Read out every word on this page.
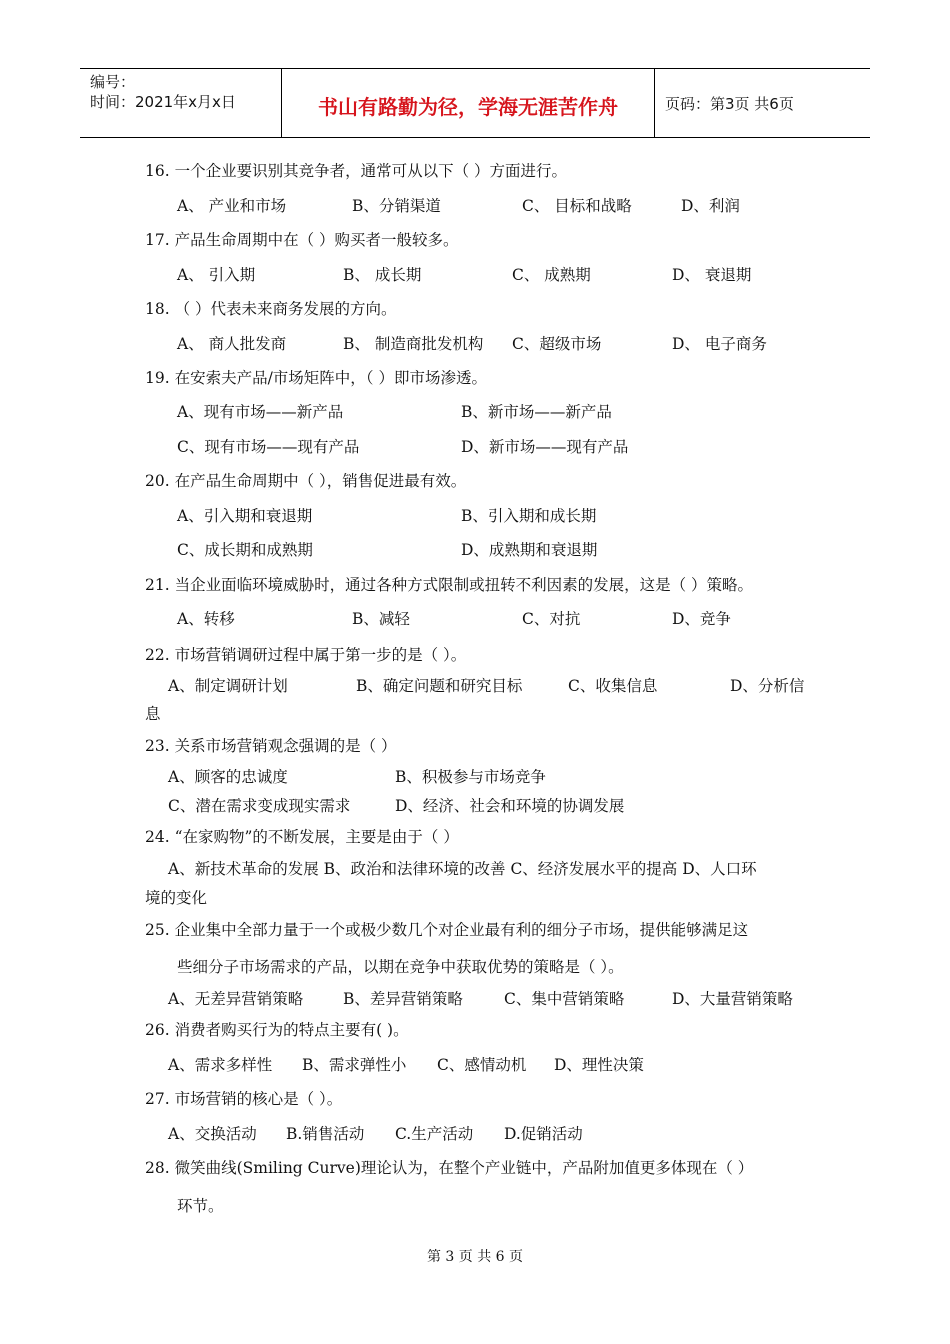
编号：
时间：2021年x月x日	书山有路勤为径，学海无涯苦作舟	页码：第3页 共6页
16. 一个企业要识别其竞争者，通常可从以下（ ）方面进行。
A、 产业和市场	B、分销渠道	C、 目标和战略	D、利润
17. 产品生命周期中在（ ）购买者一般较多。
A、 引入期	B、 成长期	C、 成熟期	D、 衰退期
18. （ ）代表未来商务发展的方向。
A、 商人批发商	B、 制造商批发机构 C、超级市场	D、 电子商务
19. 在安索夫产品/市场矩阵中，（ ）即市场渗透。
A、现有市场——新产品	B、新市场——新产品
C、现有市场——现有产品	D、新市场——现有产品
20. 在产品生命周期中（ ），销售促进最有效。
A、引入期和衰退期	B、引入期和成长期
C、成长期和成熟期	D、成熟期和衰退期
21. 当企业面临环境威胁时，通过各种方式限制或扭转不利因素的发展，这是（ ）策略。
A、转移	B、减轻	C、对抗	D、竞争
22. 市场营销调研过程中属于第一步的是（ ）。
A、制定调研计划	B、确定问题和研究目标	C、收集信息	D、分析信
息
23. 关系市场营销观念强调的是（ ）
A、顾客的忠诚度	B、积极参与市场竞争
C、潜在需求变成现实需求	D、经济、社会和环境的协调发展
24. “在家购物”的不断发展，主要是由于（ ）
A、新技术革命的发展 B、政治和法律环境的改善 C、经济发展水平的提高 D、人口环
境的变化
25. 企业集中全部力量于一个或极少数几个对企业最有利的细分子市场，提供能够满足这
些细分子市场需求的产品，以期在竞争中获取优势的策略是（ ）。
A、无差异营销策略	B、差异营销策略	C、集中营销策略	D、大量营销策略
26. 消费者购买行为的特点主要有( )。
A、需求多样性 B、需求弹性小 C、感情动机 D、理性决策
27. 市场营销的核心是（ ）。
A、交换活动 B.销售活动 C.生产活动 D.促销活动
28. 微笑曲线(Smiling Curve)理论认为，在整个产业链中，产品附加值更多体现在（ ）
环节。
第 3 页 共 6 页
